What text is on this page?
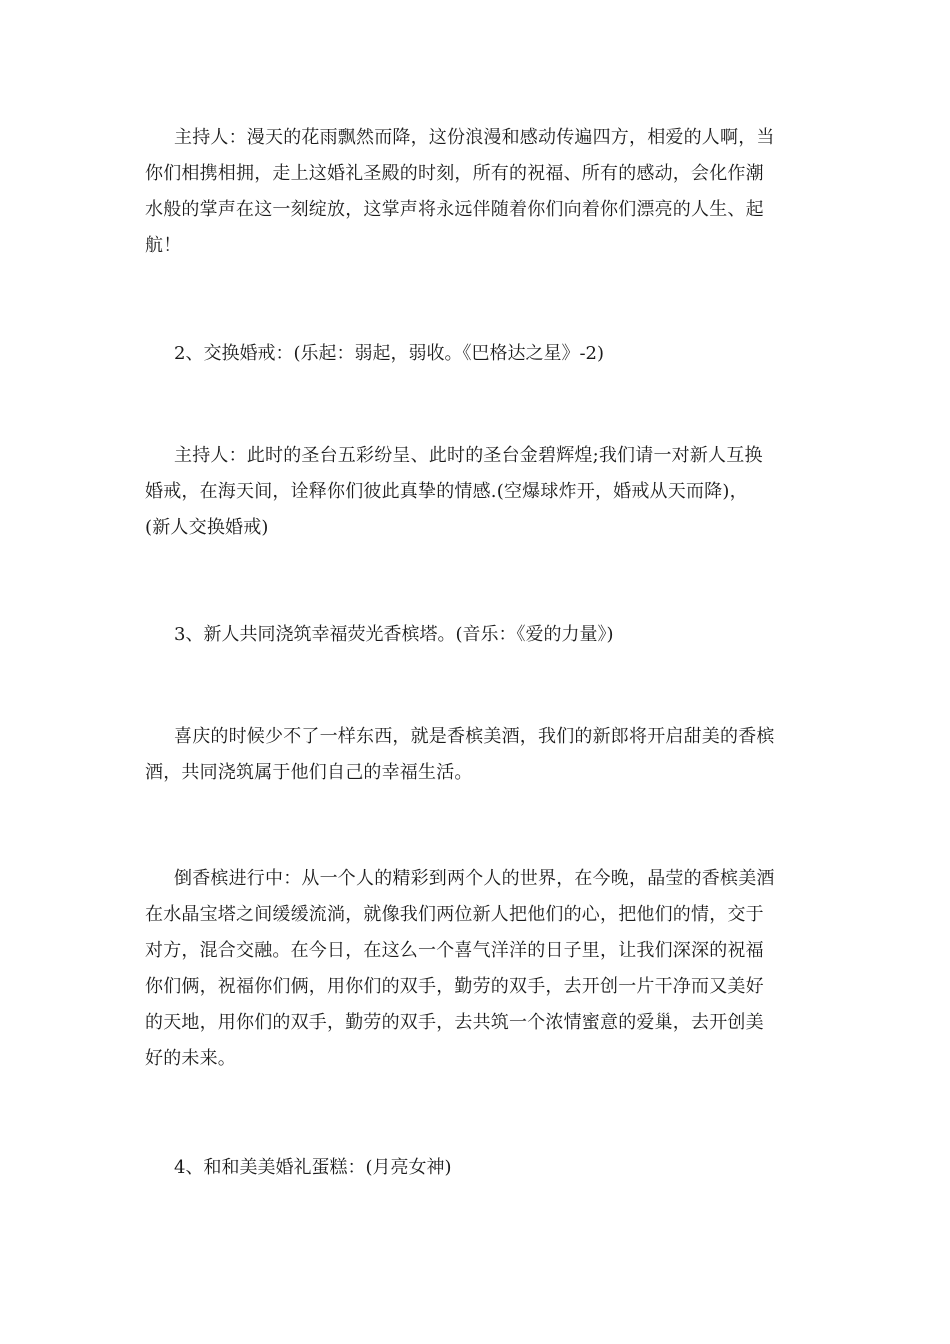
主持人：漫天的花雨飘然而降，这份浪漫和感动传遍四方，相爱的人啊，当
你们相携相拥，走上这婚礼圣殿的时刻，所有的祝福、所有的感动，会化作潮
水般的掌声在这一刻绽放，这掌声将永远伴随着你们向着你们漂亮的人生、起
航！

2、交换婚戒：(乐起：弱起，弱收。《巴格达之星》-2)

主持人：此时的圣台五彩纷呈、此时的圣台金碧辉煌;我们请一对新人互换
婚戒，在海天间，诠释你们彼此真挚的情感.(空爆球炸开，婚戒从天而降)，
(新人交换婚戒)

3、新人共同浇筑幸福荧光香槟塔。(音乐：《爱的力量》)

喜庆的时候少不了一样东西，就是香槟美酒，我们的新郎将开启甜美的香槟
酒，共同浇筑属于他们自己的幸福生活。

倒香槟进行中：从一个人的精彩到两个人的世界，在今晚，晶莹的香槟美酒
在水晶宝塔之间缓缓流淌，就像我们两位新人把他们的心，把他们的情，交于
对方，混合交融。在今日，在这么一个喜气洋洋的日子里，让我们深深的祝福
你们俩，祝福你们俩，用你们的双手，勤劳的双手，去开创一片干净而又美好
的天地，用你们的双手，勤劳的双手，去共筑一个浓情蜜意的爱巢，去开创美
好的未来。

4、和和美美婚礼蛋糕：(月亮女神)
